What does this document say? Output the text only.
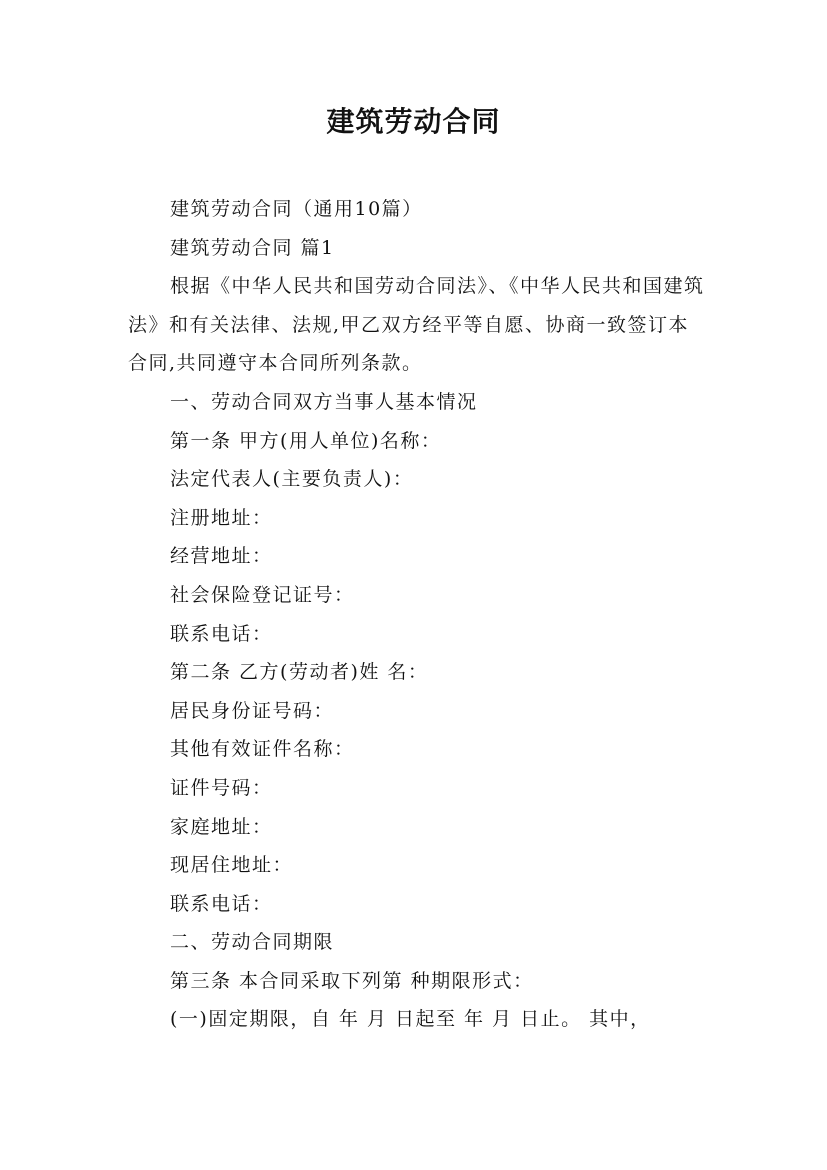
建筑劳动合同

建筑劳动合同（通用10篇）

建筑劳动合同 篇1

根据《中华人民共和国劳动合同法》、《中华人民共和国建筑法》和有关法律、法规,甲乙双方经平等自愿、协商一致签订本合同,共同遵守本合同所列条款。

一、劳动合同双方当事人基本情况

第一条 甲方(用人单位)名称：

法定代表人(主要负责人)：

注册地址：

经营地址：

社会保险登记证号：

联系电话：

第二条 乙方(劳动者)姓 名：

居民身份证号码：

其他有效证件名称：

证件号码：

家庭地址：

现居住地址：

联系电话：

二、劳动合同期限

第三条 本合同采取下列第 种期限形式：

(一)固定期限，自 年 月 日起至 年 月 日止。 其中，
